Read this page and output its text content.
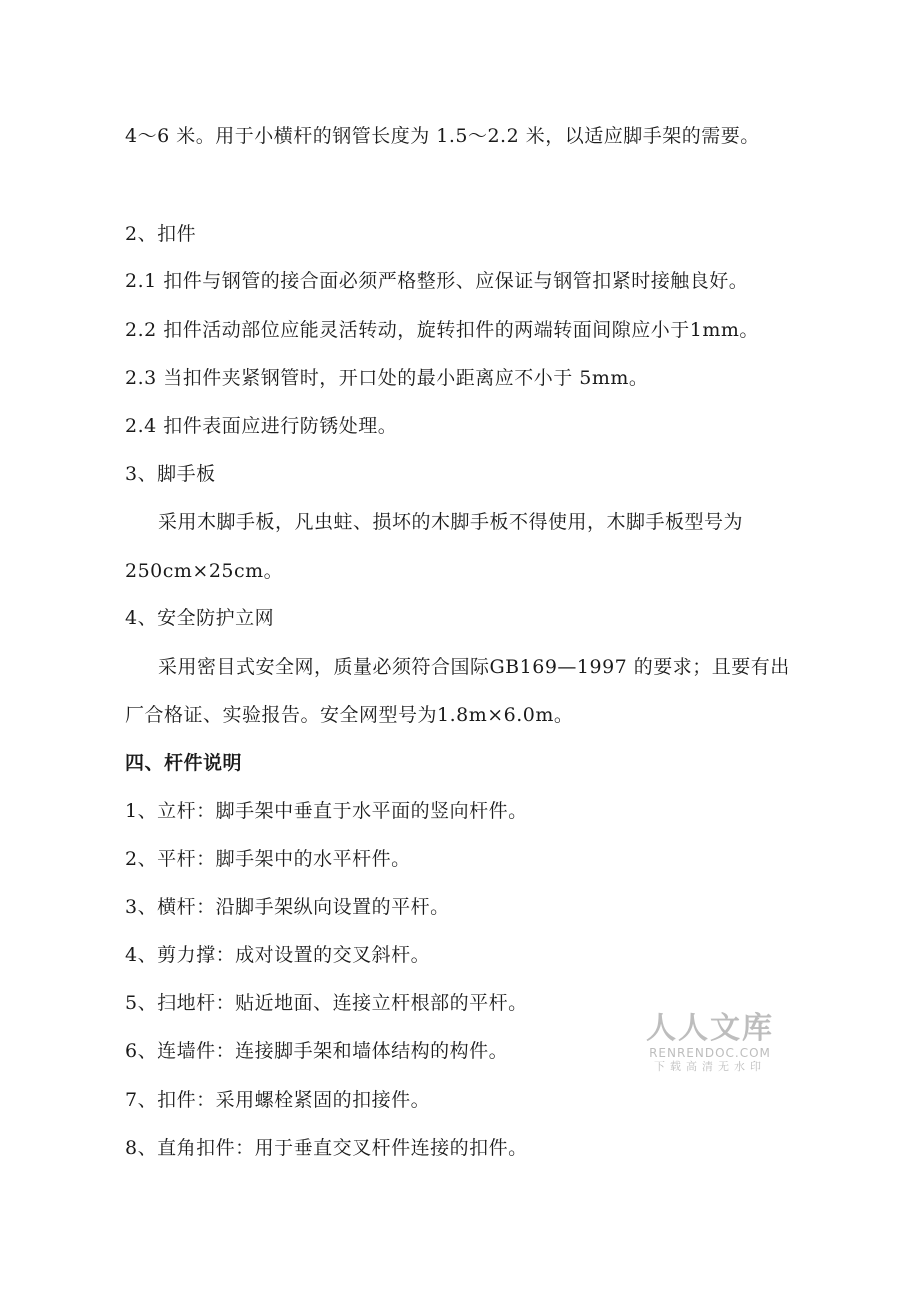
4～6 米。用于小横杆的钢管长度为 1.5～2.2 米，以适应脚手架的需要。
2、扣件
2.1 扣件与钢管的接合面必须严格整形、应保证与钢管扣紧时接触良好。
2.2 扣件活动部位应能灵活转动，旋转扣件的两端转面间隙应小于1mm。
2.3 当扣件夹紧钢管时，开口处的最小距离应不小于 5mm。
2.4 扣件表面应进行防锈处理。
3、脚手板
采用木脚手板，凡虫蛀、损坏的木脚手板不得使用，木脚手板型号为
250cm×25cm。
4、安全防护立网
采用密目式安全网，质量必须符合国际GB169—1997 的要求；且要有出
厂合格证、实验报告。安全网型号为1.8m×6.0m。
四、杆件说明
1、立杆：脚手架中垂直于水平面的竖向杆件。
2、平杆：脚手架中的水平杆件。
3、横杆：沿脚手架纵向设置的平杆。
4、剪力撑：成对设置的交叉斜杆。
5、扫地杆：贴近地面、连接立杆根部的平杆。
6、连墙件：连接脚手架和墙体结构的构件。
7、扣件：采用螺栓紧固的扣接件。
8、直角扣件：用于垂直交叉杆件连接的扣件。
人人文库
RENRENDOC.COM
下载高清无水印
